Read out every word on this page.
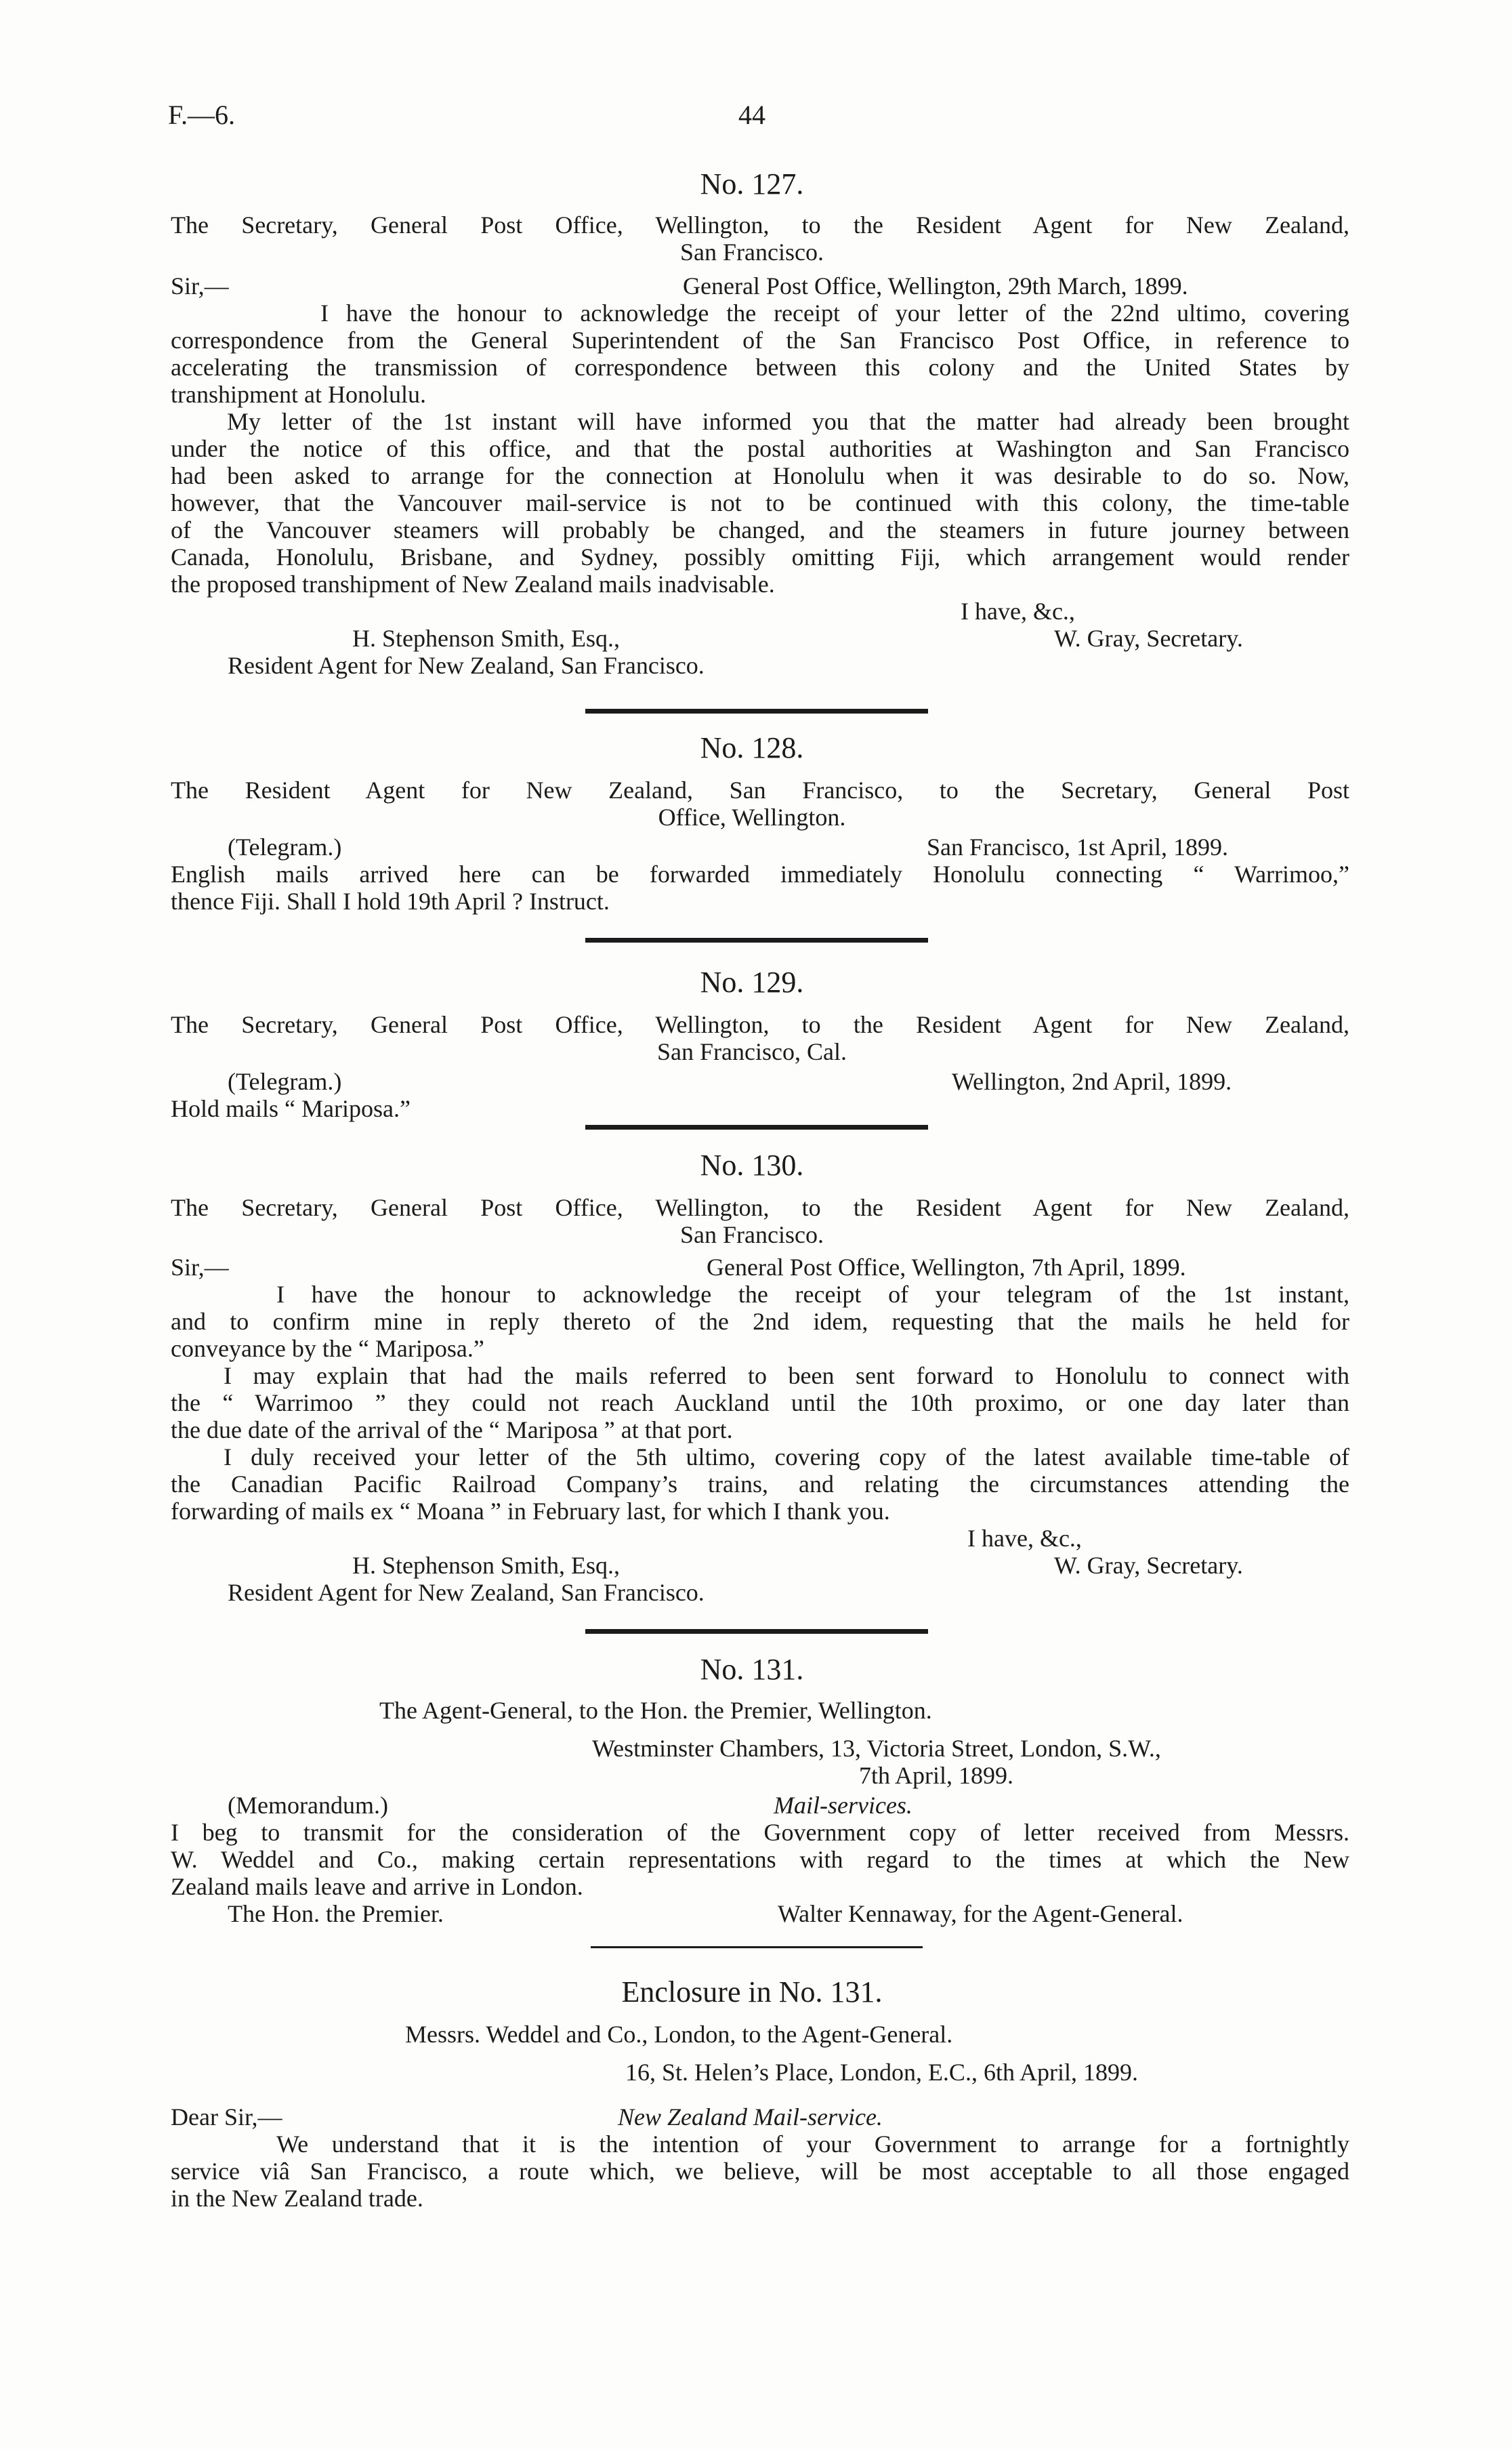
F.—6.	44
No. 127.
The Secretary, General Post Office, Wellington, to the Resident Agent for New Zealand,
San Francisco.
Sir,—	General Post Office, Wellington, 29th March, 1899.
I have the honour to acknowledge the receipt of your letter of the 22nd ultimo, covering
correspondence from the General Superintendent of the San Francisco Post Office, in reference to
accelerating the transmission of correspondence between this colony and the United States by
transhipment at Honolulu.
My letter of the 1st instant will have informed you that the matter had already been brought
under the notice of this office, and that the postal authorities at Washington and San Francisco
had been asked to arrange for the connection at Honolulu when it was desirable to do so. Now,
however, that the Vancouver mail-service is not to be continued with this colony, the time-table
of the Vancouver steamers will probably be changed, and the steamers in future journey between
Canada, Honolulu, Brisbane, and Sydney, possibly omitting Fiji, which arrangement would render
the proposed transhipment of New Zealand mails inadvisable.
I have, &c.,
H. Stephenson Smith, Esq.,	W. Gray, Secretary.
Resident Agent for New Zealand, San Francisco.
No. 128.
The Resident Agent for New Zealand, San Francisco, to the Secretary, General Post
Office, Wellington.
(Telegram.)	San Francisco, 1st April, 1899.
English mails arrived here can be forwarded immediately Honolulu connecting “ Warrimoo,”
thence Fiji. Shall I hold 19th April ? Instruct.
No. 129.
The Secretary, General Post Office, Wellington, to the Resident Agent for New Zealand,
San Francisco, Cal.
(Telegram.)	Wellington, 2nd April, 1899.
Hold mails “ Mariposa.”
No. 130.
The Secretary, General Post Office, Wellington, to the Resident Agent for New Zealand,
San Francisco.
Sir,—	General Post Office, Wellington, 7th April, 1899.
I have the honour to acknowledge the receipt of your telegram of the 1st instant,
and to confirm mine in reply thereto of the 2nd idem, requesting that the mails he held for
conveyance by the “ Mariposa.”
I may explain that had the mails referred to been sent forward to Honolulu to connect with
the “ Warrimoo ” they could not reach Auckland until the 10th proximo, or one day later than
the due date of the arrival of the “ Mariposa ” at that port.
I duly received your letter of the 5th ultimo, covering copy of the latest available time-table of
the Canadian Pacific Railroad Company’s trains, and relating the circumstances attending the
forwarding of mails ex “ Moana ” in February last, for which I thank you.
I have, &c.,
H. Stephenson Smith, Esq.,	W. Gray, Secretary.
Resident Agent for New Zealand, San Francisco.
No. 131.
The Agent-General, to the Hon. the Premier, Wellington.
Westminster Chambers, 13, Victoria Street, London, S.W.,
7th April, 1899.
(Memorandum.)	Mail-services.
I beg to transmit for the consideration of the Government copy of letter received from Messrs.
W. Weddel and Co., making certain representations with regard to the times at which the New
Zealand mails leave and arrive in London.
The Hon. the Premier.	Walter Kennaway, for the Agent-General.
Enclosure in No. 131.
Messrs. Weddel and Co., London, to the Agent-General.
16, St. Helen’s Place, London, E.C., 6th April, 1899.
Dear Sir,—	New Zealand Mail-service.
We understand that it is the intention of your Government to arrange for a fortnightly
service viâ San Francisco, a route which, we believe, will be most acceptable to all those engaged
in the New Zealand trade.
